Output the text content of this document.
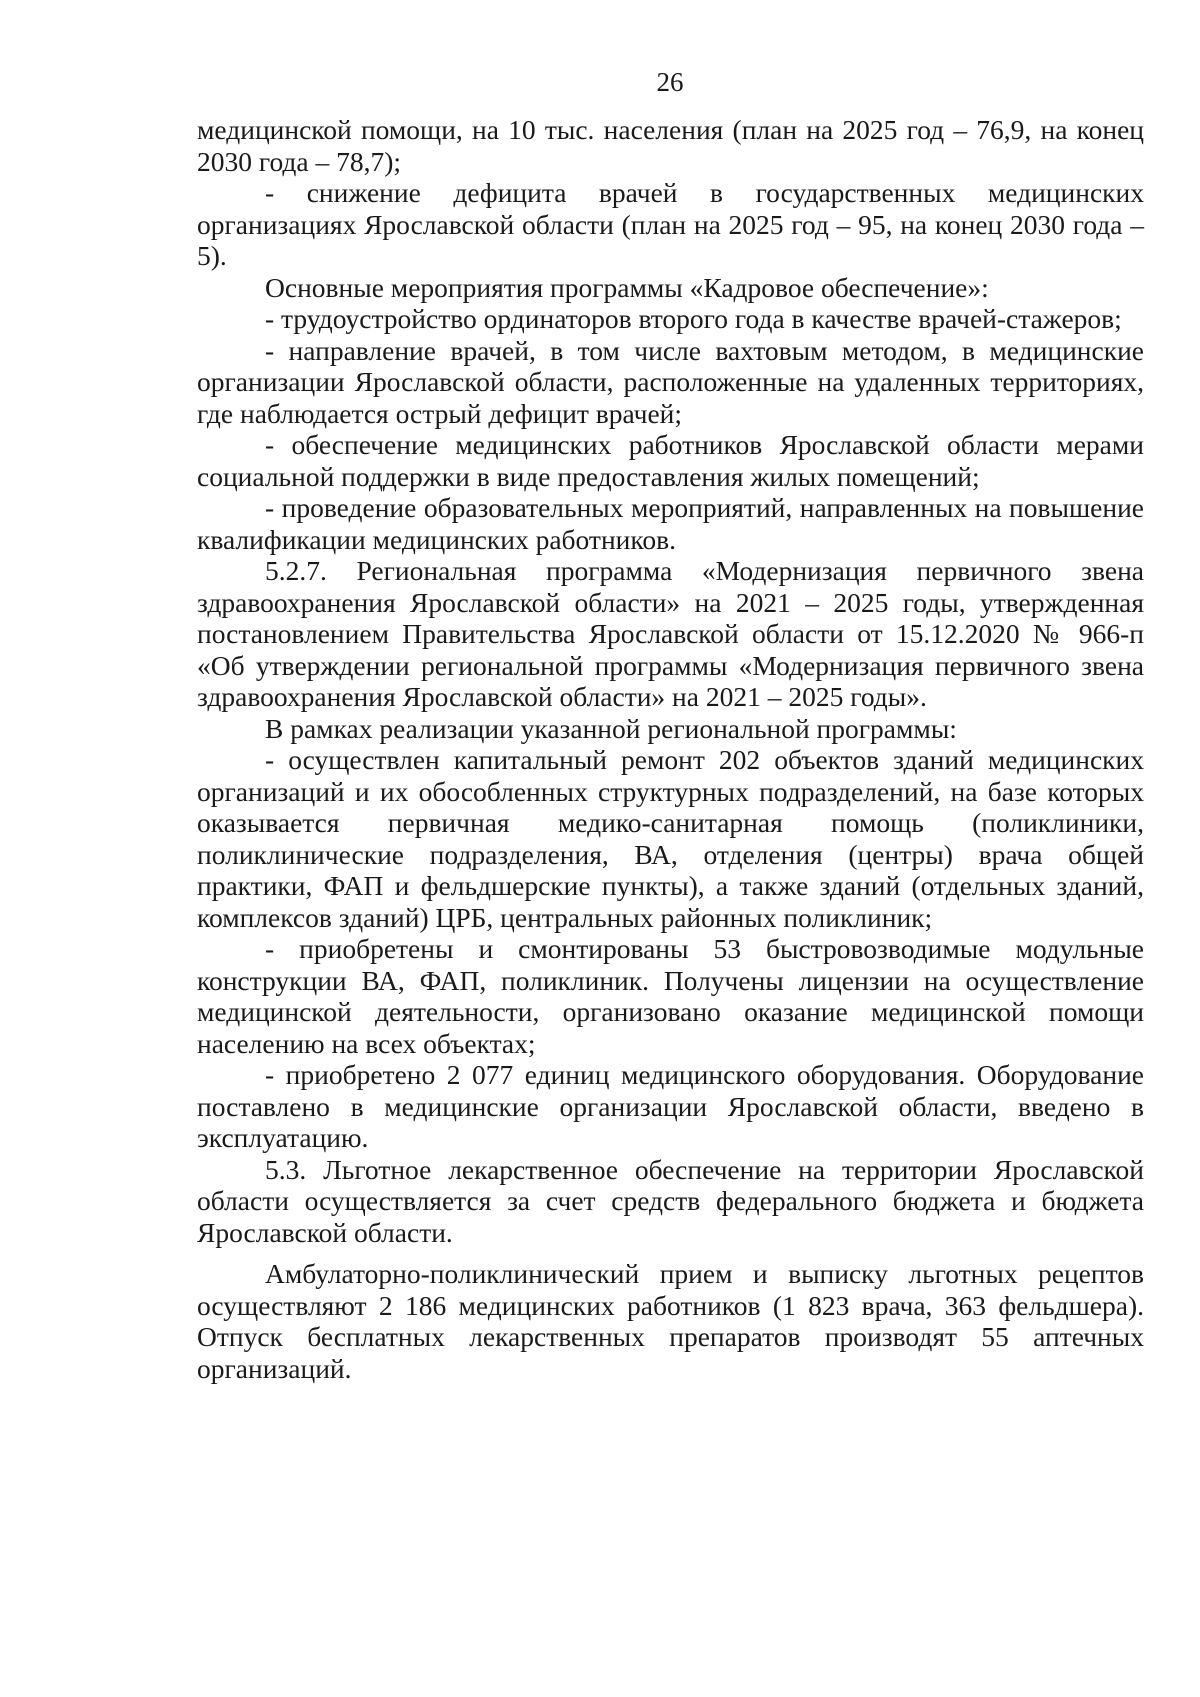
26

медицинской помощи, на 10 тыс. населения (план на 2025 год – 76,9, на конец 2030 года – 78,7);

- снижение дефицита врачей в государственных медицинских организациях Ярославской области (план на 2025 год – 95, на конец 2030 года – 5).

Основные мероприятия программы «Кадровое обеспечение»:

- трудоустройство ординаторов второго года в качестве врачей-стажеров;

- направление врачей, в том числе вахтовым методом, в медицинские организации Ярославской области, расположенные на удаленных территориях, где наблюдается острый дефицит врачей;

- обеспечение медицинских работников Ярославской области мерами социальной поддержки в виде предоставления жилых помещений;

- проведение образовательных мероприятий, направленных на повышение квалификации медицинских работников.

5.2.7. Региональная программа «Модернизация первичного звена здравоохранения Ярославской области» на 2021 – 2025 годы, утвержденная постановлением Правительства Ярославской области от 15.12.2020 № 966-п «Об утверждении региональной программы «Модернизация первичного звена здравоохранения Ярославской области» на 2021 – 2025 годы».

В рамках реализации указанной региональной программы:

- осуществлен капитальный ремонт 202 объектов зданий медицинских организаций и их обособленных структурных подразделений, на базе которых оказывается первичная медико-санитарная помощь (поликлиники, поликлинические подразделения, ВА, отделения (центры) врача общей практики, ФАП и фельдшерские пункты), а также зданий (отдельных зданий, комплексов зданий) ЦРБ, центральных районных поликлиник;

- приобретены и смонтированы 53 быстровозводимые модульные конструкции ВА, ФАП, поликлиник. Получены лицензии на осуществление медицинской деятельности, организовано оказание медицинской помощи населению на всех объектах;

- приобретено 2 077 единиц медицинского оборудования. Оборудование поставлено в медицинские организации Ярославской области, введено в эксплуатацию.

5.3. Льготное лекарственное обеспечение на территории Ярославской области осуществляется за счет средств федерального бюджета и бюджета Ярославской области.

Амбулаторно-поликлинический прием и выписку льготных рецептов осуществляют 2 186 медицинских работников (1 823 врача, 363 фельдшера). Отпуск бесплатных лекарственных препаратов производят 55 аптечных организаций.
